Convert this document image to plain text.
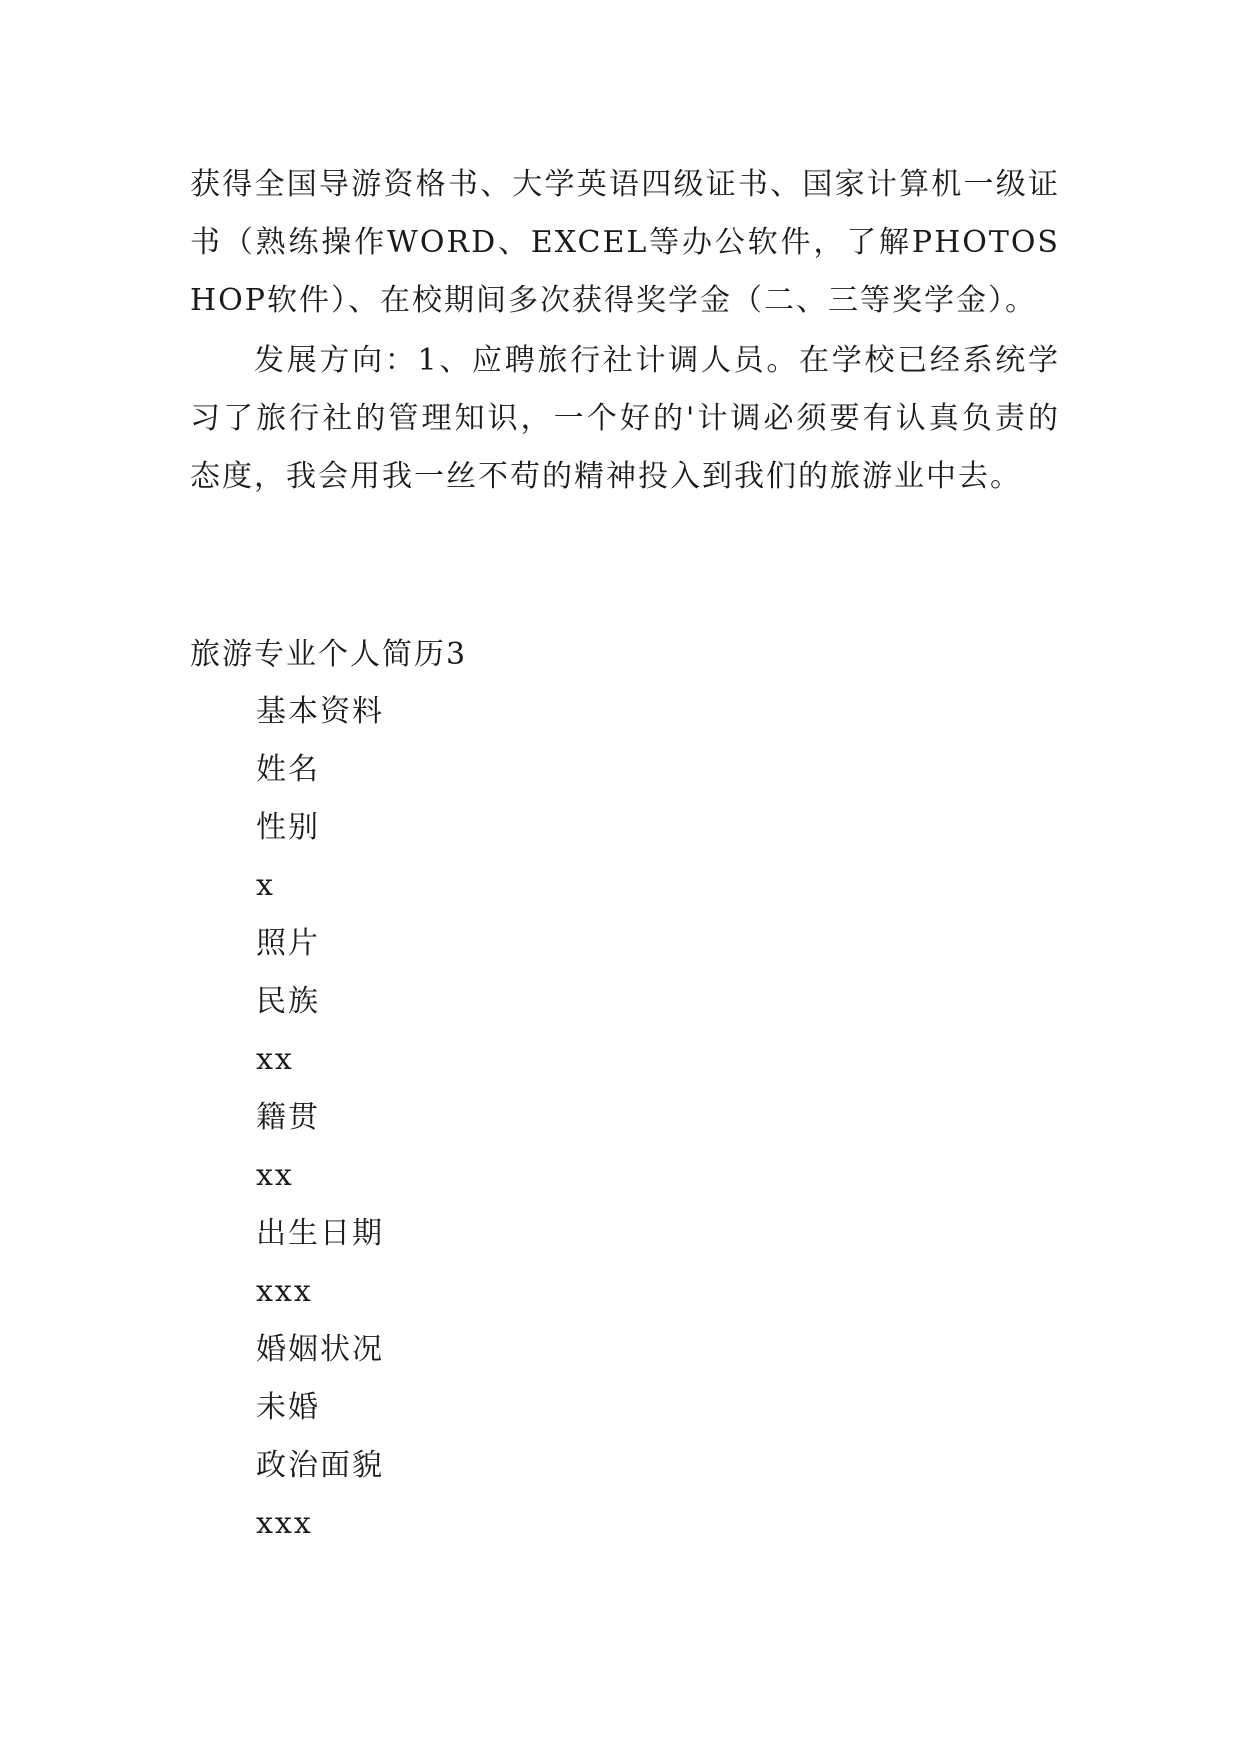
获得全国导游资格书、大学英语四级证书、国家计算机一级证书（熟练操作WORD、EXCEL等办公软件，了解PHOTOSHOP软件）、在校期间多次获得奖学金（二、三等奖学金）。

发展方向：1、应聘旅行社计调人员。在学校已经系统学习了旅行社的管理知识，一个好的'计调必须要有认真负责的态度，我会用我一丝不苟的精神投入到我们的旅游业中去。

旅游专业个人简历3
基本资料
姓名
性别
x
照片
民族
xx
籍贯
xx
出生日期
xxx
婚姻状况
未婚
政治面貌
xxx
